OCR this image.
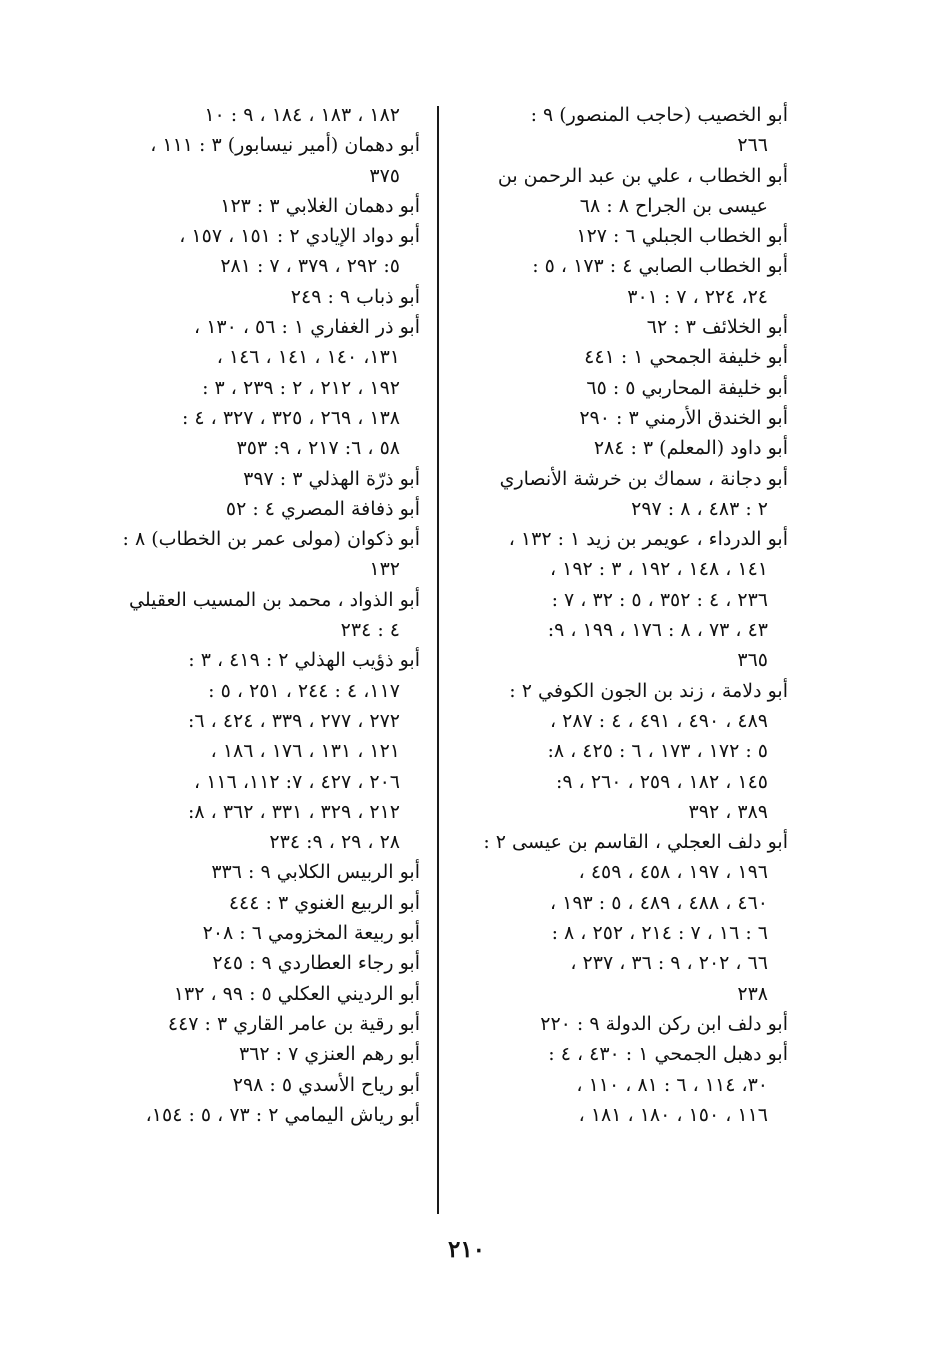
أبو الخصيب (حاجب المنصور) ٩ :
٢٦٦
أبو الخطاب ، علي بن عبد الرحمن بن
عيسى بن الجراح ٨ : ٦٨
أبو الخطاب الجبلي ٦ : ١٢٧
أبو الخطاب الصابي ٤ : ١٧٣ ، ٥ :
٢٤، ٢٢٤ ، ٧ : ٣٠١
أبو الخلائف ٣ : ٦٢
أبو خليفة الجمحي ١ : ٤٤١
أبو خليفة المحاربي ٥ : ٦٥
أبو الخندق الأرمني ٣ : ٢٩٠
أبو داود (المعلم) ٣ : ٢٨٤
أبو دجانة ، سماك بن خرشة الأنصاري
٢ : ٤٨٣ ، ٨ : ٢٩٧
أبو الدرداء ، عويمر بن زيد ١ : ١٣٢ ،
١٤١ ، ١٤٨ ، ١٩٢ ، ٣ : ١٩٢ ،
٢٣٦ ، ٤ : ٣٥٢ ، ٥ : ٣٢ ، ٧ :
٤٣ ، ٧٣ ، ٨ : ١٧٦ ، ١٩٩ ، ٩:
٣٦٥
أبو دلامة ، زند بن الجون الكوفي ٢ :
٤٨٩ ، ٤٩٠ ، ٤٩١ ، ٤ : ٢٨٧ ،
٥ : ١٧٢ ، ١٧٣ ، ٦ : ٤٢٥ ، ٨:
١٤٥ ، ١٨٢ ، ٢٥٩ ، ٢٦٠ ، ٩:
٣٨٩ ، ٣٩٢
أبو دلف العجلي ، القاسم بن عيسى ٢ :
١٩٦ ، ١٩٧ ، ٤٥٨ ، ٤٥٩ ،
٤٦٠ ، ٤٨٨ ، ٤٨٩ ، ٥ : ١٩٣ ،
٦ : ١٦ ، ٧ : ٢١٤ ، ٢٥٢ ، ٨ :
٦٦ ، ٢٠٢ ، ٩ : ٣٦ ، ٢٣٧ ،
٢٣٨
أبو دلف ابن ركن الدولة ٩ : ٢٢٠
أبو دهبل الجمحي ١ : ٤٣٠ ، ٤ :
٣٠، ١١٤ ، ٦ : ٨١ ، ١١٠ ،
١١٦ ، ١٥٠ ، ١٨٠ ، ١٨١ ،
١٨٢ ، ١٨٣ ، ١٨٤ ، ٩ : ١٠
أبو دهمان (أمير نيسابور) ٣ : ١١١ ،
٣٧٥
أبو دهمان الغلابي ٣ : ١٢٣
أبو دواد الإيادي ٢ : ١٥١ ، ١٥٧ ،
٥: ٢٩٢ ، ٣٧٩ ، ٧ : ٢٨١
أبو ذباب ٩ : ٢٤٩
أبو ذر الغفاري ١ : ٥٦ ، ١٣٠ ،
١٣١، ١٤٠ ، ١٤١ ، ١٤٦ ،
١٩٢ ، ٢١٢ ، ٢ : ٢٣٩ ، ٣ :
١٣٨ ، ٢٦٩ ، ٣٢٥ ، ٣٢٧ ، ٤ :
٥٨ ، ٦: ٢١٧ ، ٩: ٣٥٣
أبو ذرّة الهذلي ٣ : ٣٩٧
أبو ذفافة المصري ٤ : ٥٢
أبو ذكوان (مولى عمر بن الخطاب) ٨ :
١٣٢
أبو الذواد ، محمد بن المسيب العقيلي
٤ : ٢٣٤
أبو ذؤيب الهذلي ٢ : ٤١٩ ، ٣ :
١١٧، ٤ : ٢٤٤ ، ٢٥١ ، ٥ :
٢٧٢ ، ٢٧٧ ، ٣٣٩ ، ٤٢٤ ، ٦:
١٢١ ، ١٣١ ، ١٧٦ ، ١٨٦ ،
٢٠٦ ، ٤٢٧ ، ٧: ١١٢، ١١٦ ،
٢١٢ ، ٣٢٩ ، ٣٣١ ، ٣٦٢ ، ٨:
٢٨ ، ٢٩ ، ٩: ٢٣٤
أبو الربيس الكلابي ٩ : ٣٣٦
أبو الربيع الغنوي ٣ : ٤٤٤
أبو ربيعة المخزومي ٦ : ٢٠٨
أبو رجاء العطاردي ٩ : ٢٤٥
أبو الرديني العكلي ٥ : ٩٩ ، ١٣٢
أبو رقية بن عامر القاري ٣ : ٤٤٧
أبو رهم العنزي ٧ : ٣٦٢
أبو رياح الأسدي ٥ : ٢٩٨
أبو رياش اليمامي ٢ : ٧٣ ، ٥ : ١٥٤،
٢١٠
